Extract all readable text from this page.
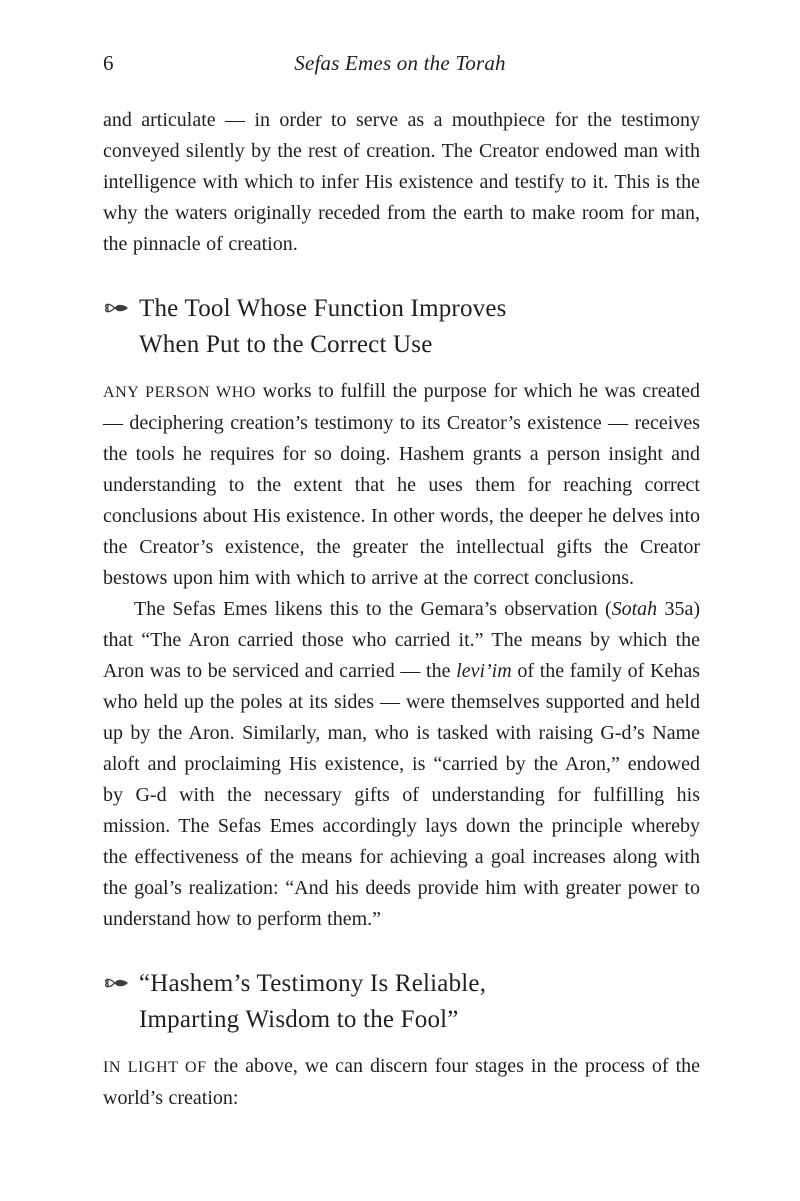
6	Sefas Emes on the Torah

and articulate — in order to serve as a mouthpiece for the testimony conveyed silently by the rest of creation. The Creator endowed man with intelligence with which to infer His existence and testify to it. This is the why the waters originally receded from the earth to make room for man, the pinnacle of creation.

The Tool Whose Function Improves
When Put to the Correct Use

ANY PERSON WHO works to fulfill the purpose for which he was created — deciphering creation’s testimony to its Creator’s existence — receives the tools he requires for so doing. Hashem grants a person insight and understanding to the extent that he uses them for reaching correct conclusions about His existence. In other words, the deeper he delves into the Creator’s existence, the greater the intellectual gifts the Creator bestows upon him with which to arrive at the correct conclusions.

The Sefas Emes likens this to the Gemara’s observation (Sotah 35a) that “The Aron carried those who carried it.” The means by which the Aron was to be serviced and carried — the levi’im of the family of Kehas who held up the poles at its sides — were themselves supported and held up by the Aron. Similarly, man, who is tasked with raising G-d’s Name aloft and proclaiming His existence, is “carried by the Aron,” endowed by G-d with the necessary gifts of understanding for fulfilling his mission. The Sefas Emes accordingly lays down the principle whereby the effectiveness of the means for achieving a goal increases along with the goal’s realization: “And his deeds provide him with greater power to understand how to perform them.”

“Hashem’s Testimony Is Reliable,
Imparting Wisdom to the Fool”

IN LIGHT OF the above, we can discern four stages in the process of the world’s creation:
